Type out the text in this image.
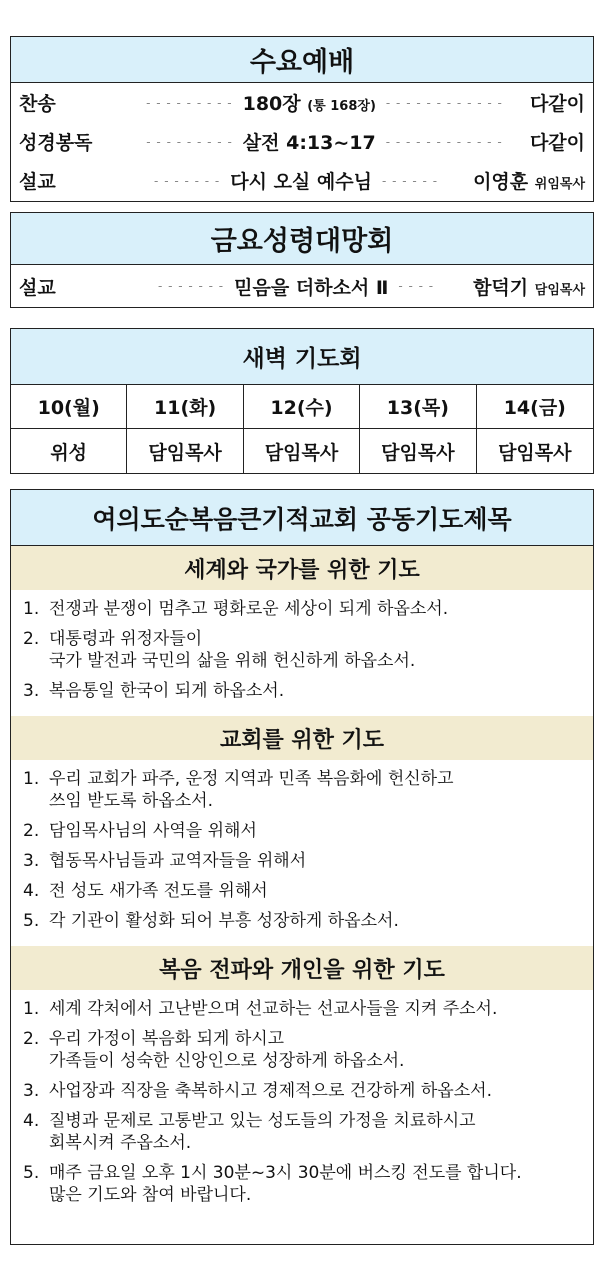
수요예배
찬송	- - - - - - - - - 180장 (통 168장) - - - - - - - - - - - - 다같이
성경봉독	- - - - - - - - - 살전 4:13~17 - - - - - - - - - - - - 다같이
설교	- - - - - - - 다시 오실 예수님 - - - - - - 이영훈 위임목사
금요성령대망회
설교	- - - - - - - 믿음을 더하소서 Ⅱ - - - - 함덕기 담임목사
새벽 기도회
10(월)	11(화)	12(수)	13(목)	14(금)
위성	담임목사	담임목사	담임목사	담임목사
여의도순복음큰기적교회 공동기도제목
세계와 국가를 위한 기도
1. 전쟁과 분쟁이 멈추고 평화로운 세상이 되게 하옵소서.
2. 대통령과 위정자들이
국가 발전과 국민의 삶을 위해 헌신하게 하옵소서.
3. 복음통일 한국이 되게 하옵소서.
교회를 위한 기도
1. 우리 교회가 파주, 운정 지역과 민족 복음화에 헌신하고
쓰임 받도록 하옵소서.
2. 담임목사님의 사역을 위해서
3. 협동목사님들과 교역자들을 위해서
4. 전 성도 새가족 전도를 위해서
5. 각 기관이 활성화 되어 부흥 성장하게 하옵소서.
복음 전파와 개인을 위한 기도
1. 세계 각처에서 고난받으며 선교하는 선교사들을 지켜 주소서.
2. 우리 가정이 복음화 되게 하시고
가족들이 성숙한 신앙인으로 성장하게 하옵소서.
3. 사업장과 직장을 축복하시고 경제적으로 건강하게 하옵소서.
4. 질병과 문제로 고통받고 있는 성도들의 가정을 치료하시고
회복시켜 주옵소서.
5. 매주 금요일 오후 1시 30분~3시 30분에 버스킹 전도를 합니다.
많은 기도와 참여 바랍니다.
